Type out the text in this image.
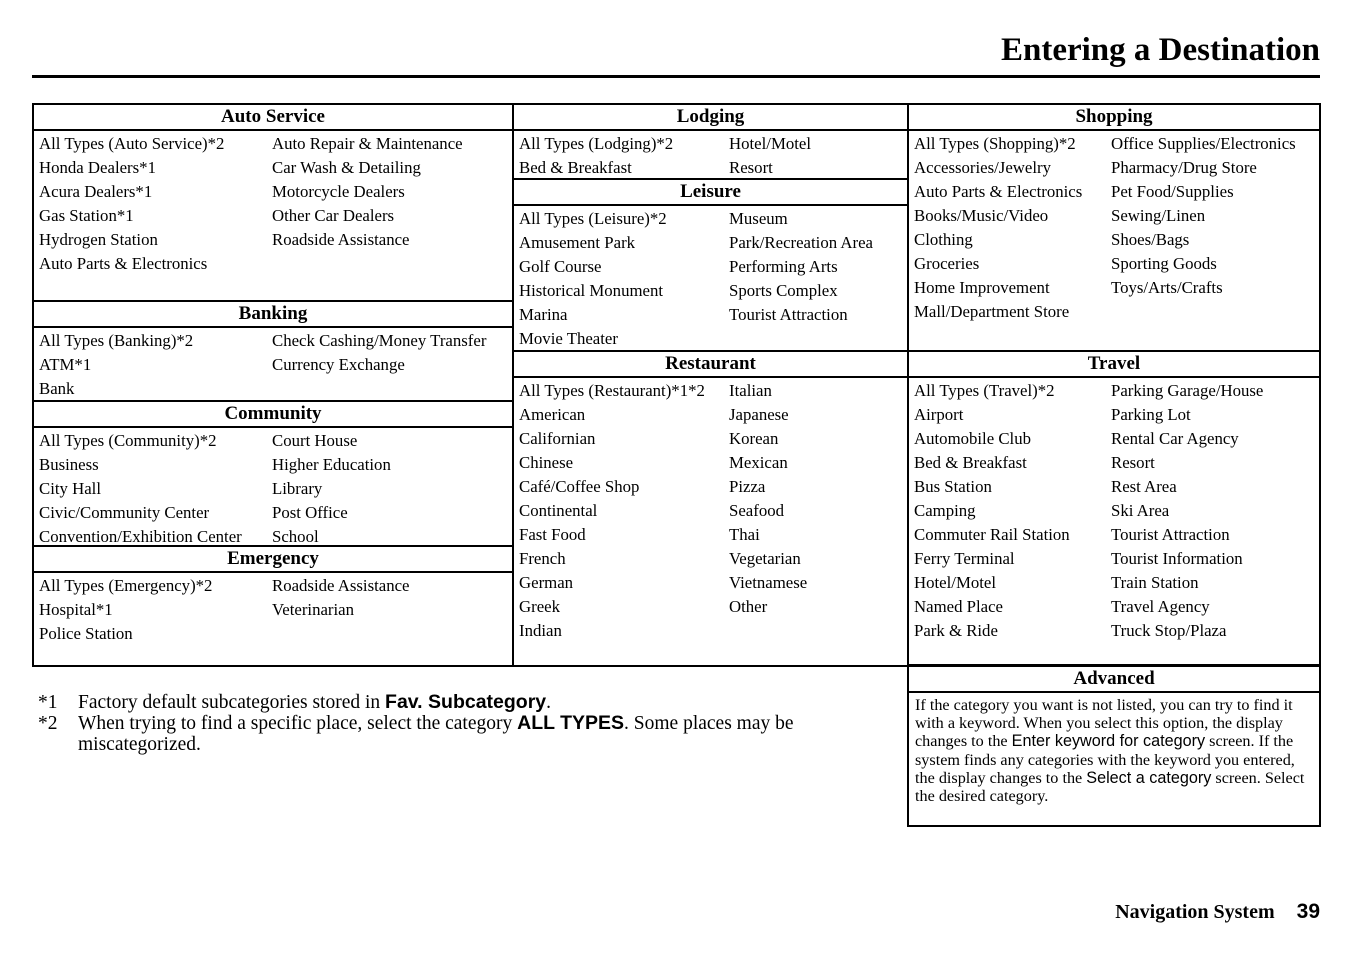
Entering a Destination
Auto Service
All Types (Auto Service)*2	Auto Repair & Maintenance
Honda Dealers*1	Car Wash & Detailing
Acura Dealers*1	Motorcycle Dealers
Gas Station*1	Other Car Dealers
Hydrogen Station	Roadside Assistance
Auto Parts & Electronics
Banking
All Types (Banking)*2	Check Cashing/Money Transfer
ATM*1	Currency Exchange
Bank
Community
All Types (Community)*2	Court House
Business	Higher Education
City Hall	Library
Civic/Community Center	Post Office
Convention/Exhibition Center	School
Emergency
All Types (Emergency)*2	Roadside Assistance
Hospital*1	Veterinarian
Police Station
Lodging
All Types (Lodging)*2	Hotel/Motel
Bed & Breakfast	Resort
Leisure
All Types (Leisure)*2	Museum
Amusement Park	Park/Recreation Area
Golf Course	Performing Arts
Historical Monument	Sports Complex
Marina	Tourist Attraction
Movie Theater
Restaurant
All Types (Restaurant)*1*2	Italian
American	Japanese
Californian	Korean
Chinese	Mexican
Café/Coffee Shop	Pizza
Continental	Seafood
Fast Food	Thai
French	Vegetarian
German	Vietnamese
Greek	Other
Indian
Shopping
All Types (Shopping)*2	Office Supplies/Electronics
Accessories/Jewelry	Pharmacy/Drug Store
Auto Parts & Electronics	Pet Food/Supplies
Books/Music/Video	Sewing/Linen
Clothing	Shoes/Bags
Groceries	Sporting Goods
Home Improvement	Toys/Arts/Crafts
Mall/Department Store
Travel
All Types (Travel)*2	Parking Garage/House
Airport	Parking Lot
Automobile Club	Rental Car Agency
Bed & Breakfast	Resort
Bus Station	Rest Area
Camping	Ski Area
Commuter Rail Station	Tourist Attraction
Ferry Terminal	Tourist Information
Hotel/Motel	Train Station
Named Place	Travel Agency
Park & Ride	Truck Stop/Plaza
Advanced
If the category you want is not listed, you can try to find it with a keyword. When you select this option, the display changes to the Enter keyword for category screen. If the system finds any categories with the keyword you entered, the display changes to the Select a category screen. Select the desired category.
*1	Factory default subcategories stored in Fav. Subcategory.
*2	When trying to find a specific place, select the category ALL TYPES. Some places may be miscategorized.
Navigation System 39
